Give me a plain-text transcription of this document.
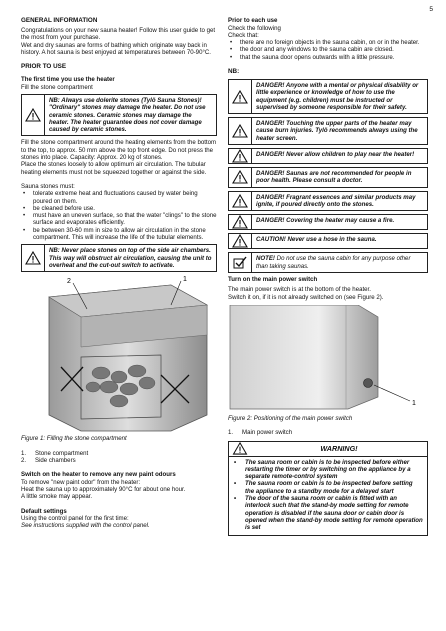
5
GENERAL INFORMATION

Congratulations on your new sauna heater! Follow this user guide to get the most from your purchase.

Wet and dry saunas are forms of bathing which originate way back in history. A hot sauna is best enjoyed at temperatures between 70-90°C.

PRIOR TO USE
The first time you use the heater

Fill the stone compartment

NB: Always use dolerite stones (Tylö Sauna Stones)! "Ordinary" stones may damage the heater. Do not use ceramic stones. Ceramic stones may damage the heater. The heater guarantee does not cover damage caused by ceramic stones.

Fill the stone compartment around the heating elements from the bottom to the top, to approx. 50 mm above the top front edge. Do not press the stones into place. Capacity: Approx. 20 kg of stones.

Place the stones loosely to allow optimum air circulation. The tubular heating elements must not be squeezed together or against the side.

Sauna stones must:

• tolerate extreme heat and fluctuations caused by water being poured on them.
• be cleaned before use.
• must have an uneven surface, so that the water "clings" to the stone surface and evaporates efficiently.
• be between 30-60 mm in size to allow air circulation in the stone compartment. This will increase the life of the tubular elements.
NB: Never place stones on top of the side air chambers. This way will obstruct air circulation, causing the unit to overheat and the cut-out switch to activate.
2	1
Figure 1: Filling the stone compartment
1.	Stone compartment
2.	Side chambers
Switch on the heater to remove any new paint odours

To remove "new paint odor" from the heater:

Heat the sauna up to approximately 90°C for about one hour.

A little smoke may appear.

Default settings

Using the control panel for the first time:

See instructions supplied with the control panel.

Prior to each use

Check the following

Check that:

• there are no foreign objects in the sauna cabin, on or in the heater.
• the door and any windows to the sauna cabin are closed.
• that the sauna door opens outwards with a little pressure.
NB:
DANGER! Anyone with a mental or physical disability or little experience or knowledge of how to use the equipment (e.g. children) must be instructed or supervised by someone responsible for their safety.
DANGER! Touching the upper parts of the heater may cause burn injuries. Tylö recommends always using the heater screen.
DANGER! Never allow children to play near the heater!
DANGER! Saunas are not recommended for people in poor health. Please consult a doctor.
DANGER! Fragrant essences and similar products may ignite, if poured directly onto the stones.
DANGER! Covering the heater may cause a fire.
CAUTION! Never use a hose in the sauna.
NOTE! Do not use the sauna cabin for any purpose other than taking saunas.
Turn on the main power switch

The main power switch is at the bottom of the heater.

Switch it on, if it is not already switched on (see Figure 2).

1
Figure 2: Positioning of the main power switch
1.	Main power switch
WARNING!
• The sauna room or cabin is to be inspected before either restarting the timer or by switching on the appliance by a separate remote-control system
• The sauna room or cabin is to be inspected before setting the appliance to a standby mode for a delayed start
• The door of the sauna room or cabin is fitted with an interlock such that the stand-by mode setting for remote operation is disabled if the sauna door or cabin door is opened when the stand-by mode setting for remote operation is set
